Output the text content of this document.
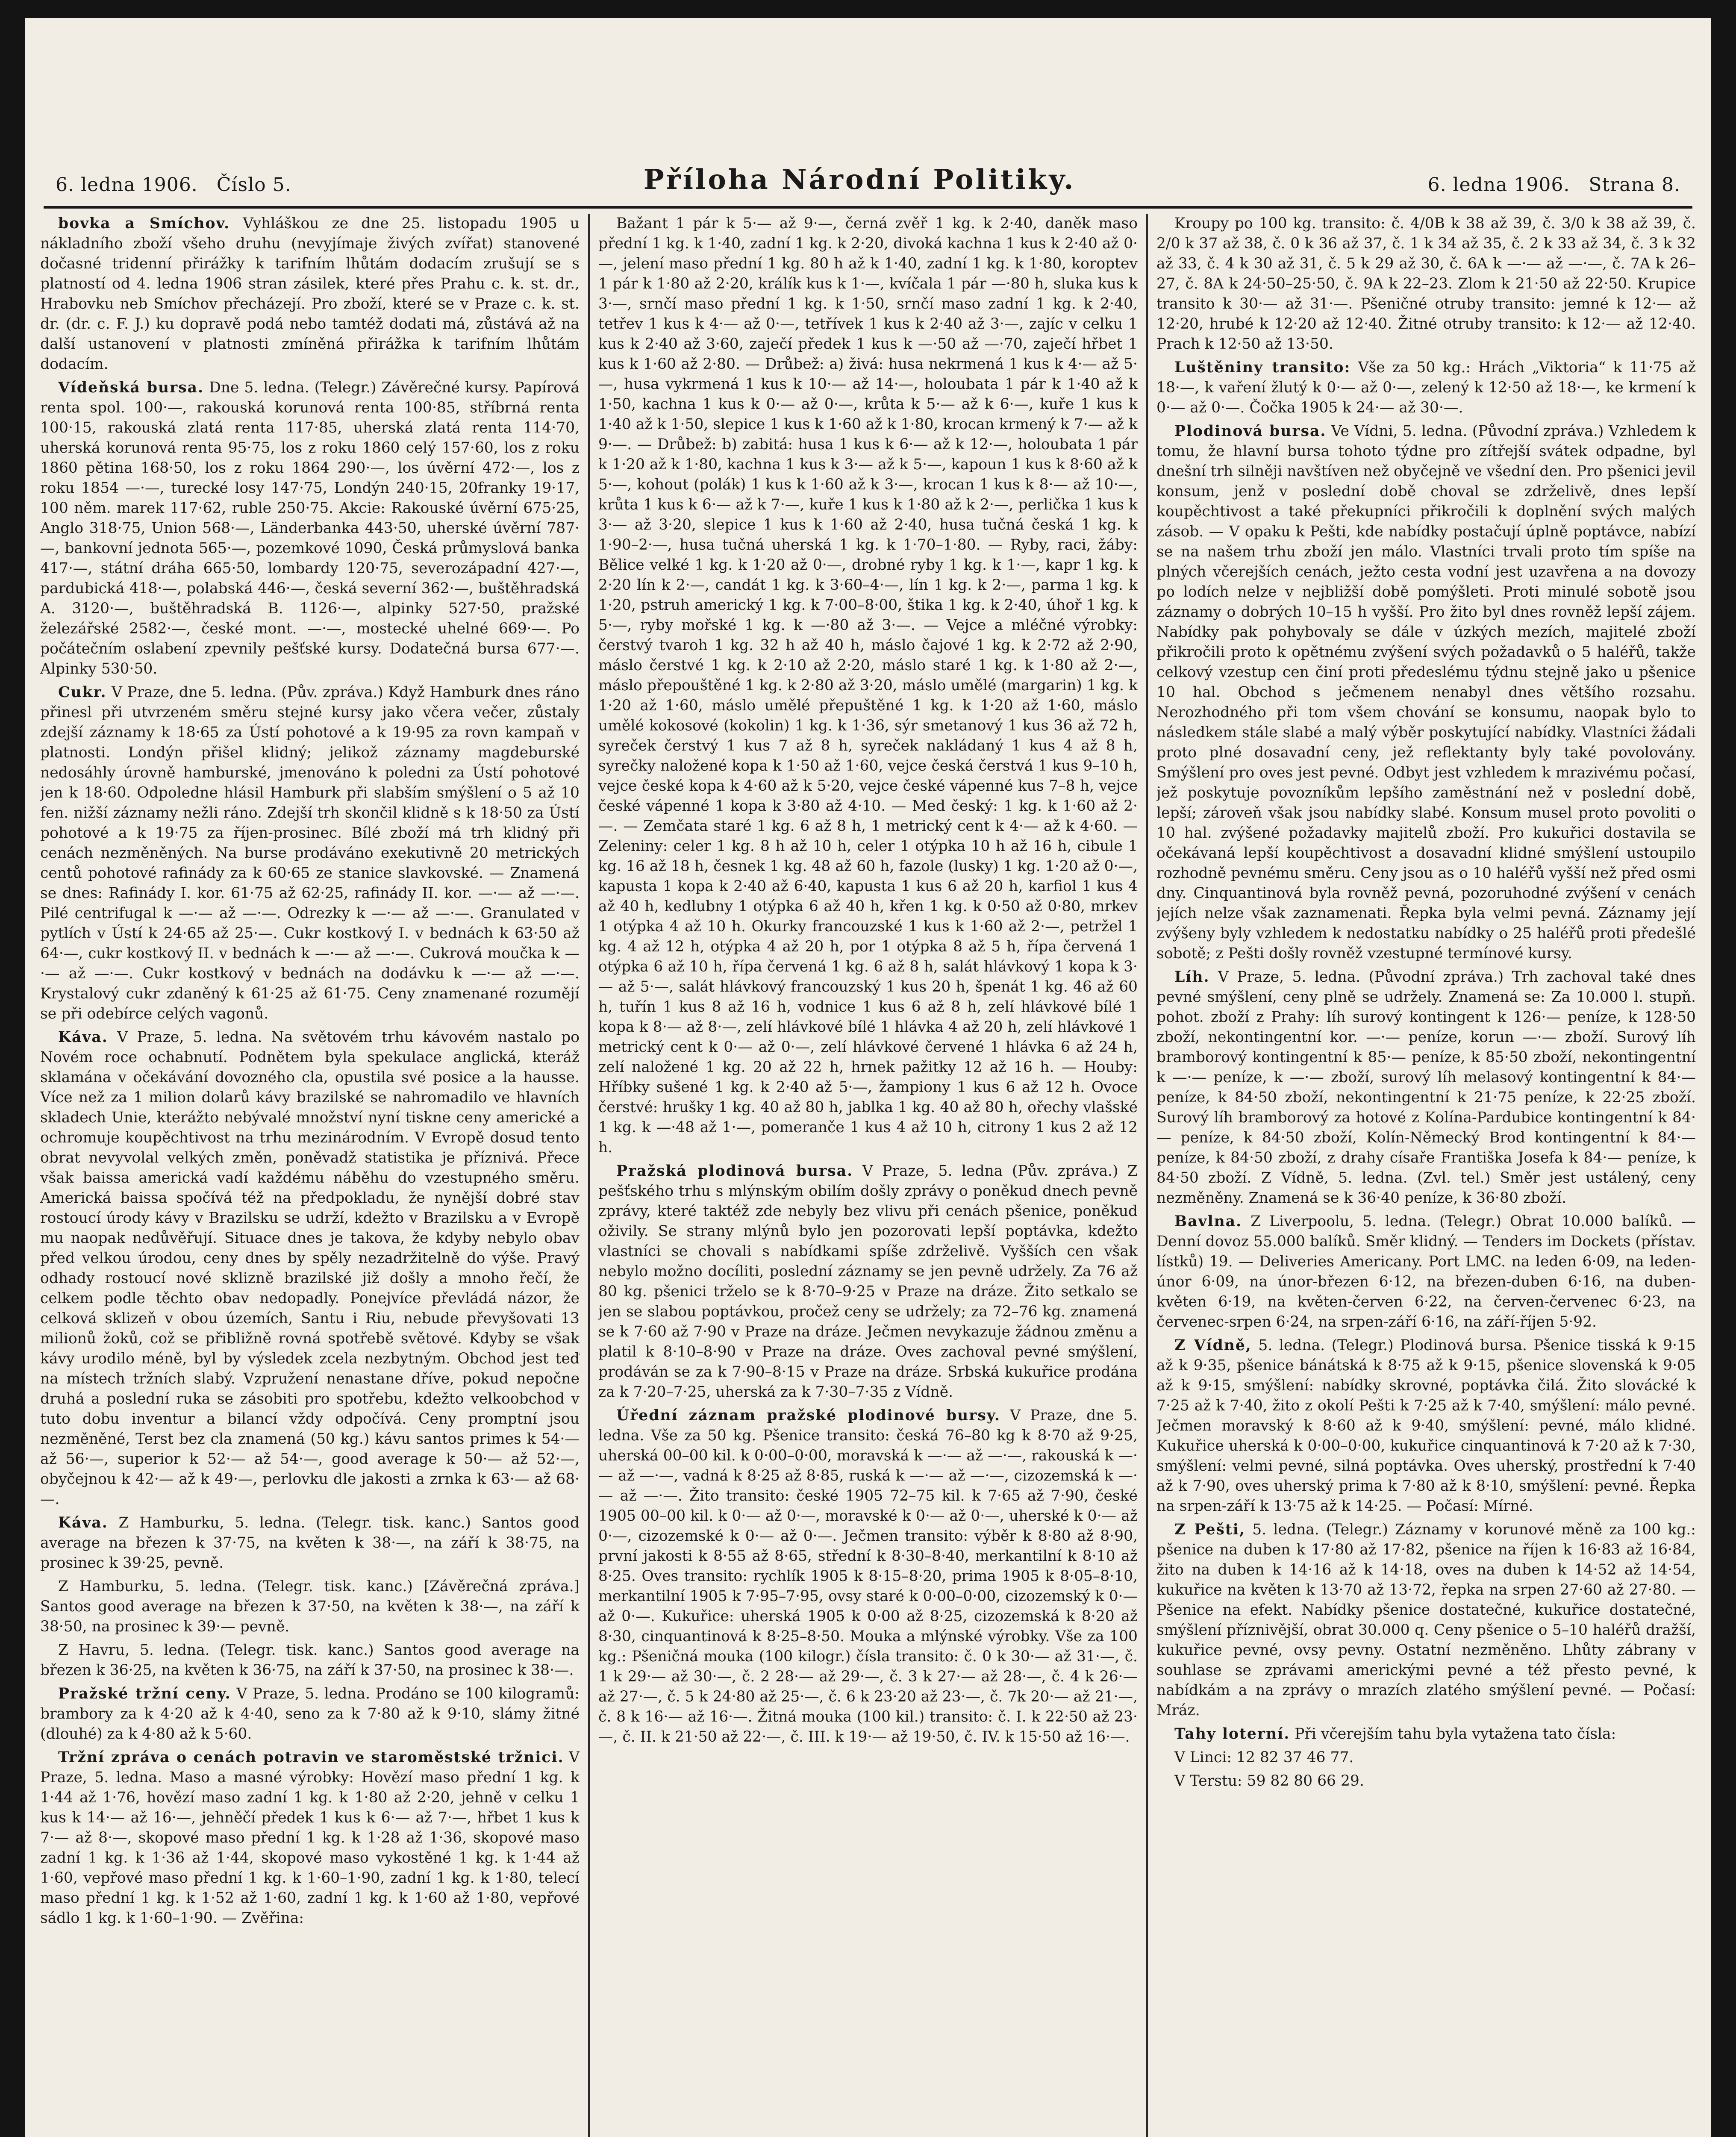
6. ledna 1906. Číslo 5.	Příloha Národní Politiky.	6. ledna 1906. Strana 8.

bovka a Smíchov. Vyhláškou ze dne 25. listopadu 1905 u nákladního zboží všeho druhu (nevyjímaje živých zvířat) stanovené dočasné tridenní přirážky k tarifním lhůtám dodacím zrušují se s platností od 4. ledna 1906 stran zásilek, které přes Prahu c. k. st. dr., Hrabovku neb Smíchov přecházejí. Pro zboží, které se v Praze c. k. st. dr. (dr. c. F. J.) ku dopravě podá nebo tamtéž dodati má, zůstává až na další ustanovení v platnosti zmíněná přirážka k tarifním lhůtám dodacím.

Vídeňská bursa. Dne 5. ledna. (Telegr.) Závěrečné kursy. Papírová renta spol. 100·—, rakouská korunová renta 100·85, stříbrná renta 100·15, rakouská zlatá renta 117·85, uherská zlatá renta 114·70, uherská korunová renta 95·75, los z roku 1860 celý 157·60, los z roku 1860 pětina 168·50, los z roku 1864 290·—, los úvěrní 472·—, los z roku 1854 —·—, turecké losy 147·75, Londýn 240·15, 20franky 19·17, 100 něm. marek 117·62, ruble 250·75. Akcie: Rakouské úvěrní 675·25, Anglo 318·75, Union 568·—, Länderbanka 443·50, uherské úvěrní 787·—, bankovní jednota 565·—, pozemkové 1090, Česká průmyslová banka 417·—, státní dráha 665·50, lombardy 120·75, severozápadní 427·—, pardubická 418·—, polabská 446·—, česká severní 362·—, buštěhradská A. 3120·—, buštěhradská B. 1126·—, alpinky 527·50, pražské železářské 2582·—, české mont. —·—, mostecké uhelné 669·—. Po počátečním oslabení zpevnily pešťské kursy. Dodatečná bursa 677·—. Alpinky 530·50.

Cukr. V Praze, dne 5. ledna. (Pův. zpráva.) Když Hamburk dnes ráno přinesl při utvrzeném směru stejné kursy jako včera večer, zůstaly zdejší záznamy k 18·65 za Ústí pohotové a k 19·95 za rovn kampaň v platnosti. Londýn přišel klidný; jelikož záznamy magdeburské nedosáhly úrovně hamburské, jmenováno k poledni za Ústí pohotové jen k 18·60. Odpoledne hlásil Hamburk při slabším smýšlení o 5 až 10 fen. nižší záznamy nežli ráno. Zdejší trh skončil klidně s k 18·50 za Ústí pohotové a k 19·75 za říjen-prosinec. Bílé zboží má trh klidný při cenách nezměněných. Na burse prodáváno exekutivně 20 metrických centů pohotové rafinády za k 60·65 ze stanice slavkovské. — Znamená se dnes: Rafinády I. kor. 61·75 až 62·25, rafinády II. kor. —·— až —·—. Pilé centrifugal k —·— až —·—. Odrezky k —·— až —·—. Granulated v pytlích v Ústí k 24·65 až 25·—. Cukr kostkový I. v bednách k 63·50 až 64·—, cukr kostkový II. v bednách k —·— až —·—. Cukrová moučka k —·— až —·—. Cukr kostkový v bednách na dodávku k —·— až —·—. Krystalový cukr zdaněný k 61·25 až 61·75. Ceny znamenané rozumějí se při odebírce celých vagonů.

Káva. V Praze, 5. ledna. Na světovém trhu kávovém nastalo po Novém roce ochabnutí. Podnětem byla spekulace anglická, kteráž sklamána v očekávání dovozného cla, opustila své posice a la hausse. Více než za 1 milion dolarů kávy brazilské se nahromadilo ve hlavních skladech Unie, kterážto nebývalé množství nyní tiskne ceny americké a ochromuje koupěchtivost na trhu mezinárodním. V Evropě dosud tento obrat nevyvolal velkých změn, poněvadž statistika je příznivá. Přece však baissa americká vadí každému náběhu do vzestupného směru. Americká baissa spočívá též na předpokladu, že nynější dobré stav rostoucí úrody kávy v Brazilsku se udrží, kdežto v Brazilsku a v Evropě mu naopak nedůvěřují. Situace dnes je takova, že kdyby nebylo obav před velkou úrodou, ceny dnes by spěly nezadržitelně do výše. Pravý odhady rostoucí nové sklizně brazilské již došly a mnoho řečí, že celkem podle těchto obav nedopadly. Ponejvíce převládá názor, že celková sklizeň v obou územích, Santu i Riu, nebude převyšovati 13 milionů žoků, což se přibližně rovná spotřebě světové. Kdyby se však kávy urodilo méně, byl by výsledek zcela nezbytným. Obchod jest teď na místech tržních slabý. Vzpružení nenastane dříve, pokud nepočne druhá a poslední ruka se zásobiti pro spotřebu, kdežto velkoobchod v tuto dobu inventur a bilancí vždy odpočívá. Ceny promptní jsou nezměněné, Terst bez cla znamená (50 kg.) kávu santos primes k 54·— až 56·—, superior k 52·— až 54·—, good average k 50·— až 52·—, obyčejnou k 42·— až k 49·—, perlovku dle jakosti a zrnka k 63·— až 68·—.

Káva. Z Hamburku, 5. ledna. (Telegr. tisk. kanc.) Santos good average na březen k 37·75, na květen k 38·—, na září k 38·75, na prosinec k 39·25, pevně.

Z Hamburku, 5. ledna. (Telegr. tisk. kanc.) [Závěrečná zpráva.] Santos good average na březen k 37·50, na květen k 38·—, na září k 38·50, na prosinec k 39·— pevně.

Z Havru, 5. ledna. (Telegr. tisk. kanc.) Santos good average na březen k 36·25, na květen k 36·75, na září k 37·50, na prosinec k 38·—.

Pražské tržní ceny. V Praze, 5. ledna. Prodáno se 100 kilogramů: brambory za k 4·20 až k 4·40, seno za k 7·80 až k 9·10, slámy žitné (dlouhé) za k 4·80 až k 5·60.

Tržní zpráva o cenách potravin ve staroměstské tržnici. V Praze, 5. ledna. Maso a masné výrobky: Hovězí maso přední 1 kg. k 1·44 až 1·76, hovězí maso zadní 1 kg. k 1·80 až 2·20, jehně v celku 1 kus k 14·— až 16·—, jehněčí předek 1 kus k 6·— až 7·—, hřbet 1 kus k 7·— až 8·—, skopové maso přední 1 kg. k 1·28 až 1·36, skopové maso zadní 1 kg. k 1·36 až 1·44, skopové maso vykostěné 1 kg. k 1·44 až 1·60, vepřové maso přední 1 kg. k 1·60–1·90, zadní 1 kg. k 1·80, telecí maso přední 1 kg. k 1·52 až 1·60, zadní 1 kg. k 1·60 až 1·80, vepřové sádlo 1 kg. k 1·60–1·90. — Zvěřina:

Bažant 1 pár k 5·— až 9·—, černá zvěř 1 kg. k 2·40, daněk maso přední 1 kg. k 1·40, zadní 1 kg. k 2·20, divoká kachna 1 kus k 2·40 až 0·—, jelení maso přední 1 kg. 80 h až k 1·40, zadní 1 kg. k 1·80, koroptev 1 pár k 1·80 až 2·20, králík kus k 1·—, kvíčala 1 pár —·80 h, sluka kus k 3·—, srnčí maso přední 1 kg. k 1·50, srnčí maso zadní 1 kg. k 2·40, tetřev 1 kus k 4·— až 0·—, tetřívek 1 kus k 2·40 až 3·—, zajíc v celku 1 kus k 2·40 až 3·60, zaječí předek 1 kus k —·50 až —·70, zaječí hřbet 1 kus k 1·60 až 2·80. — Drůbež: a) živá: husa nekrmená 1 kus k 4·— až 5·—, husa vykrmená 1 kus k 10·— až 14·—, holoubata 1 pár k 1·40 až k 1·50, kachna 1 kus k 0·— až 0·—, krůta k 5·— až k 6·—, kuře 1 kus k 1·40 až k 1·50, slepice 1 kus k 1·60 až k 1·80, krocan krmený k 7·— až k 9·—. — Drůbež: b) zabitá: husa 1 kus k 6·— až k 12·—, holoubata 1 pár k 1·20 až k 1·80, kachna 1 kus k 3·— až k 5·—, kapoun 1 kus k 8·60 až k 5·—, kohout (polák) 1 kus k 1·60 až k 3·—, krocan 1 kus k 8·— až 10·—, krůta 1 kus k 6·— až k 7·—, kuře 1 kus k 1·80 až k 2·—, perlička 1 kus k 3·— až 3·20, slepice 1 kus k 1·60 až 2·40, husa tučná česká 1 kg. k 1·90–2·—, husa tučná uherská 1 kg. k 1·70–1·80. — Ryby, raci, žáby: Bělice velké 1 kg. k 1·20 až 0·—, drobné ryby 1 kg. k 1·—, kapr 1 kg. k 2·20 lín k 2·—, candát 1 kg. k 3·60–4·—, lín 1 kg. k 2·—, parma 1 kg. k 1·20, pstruh americký 1 kg. k 7·00–8·00, štika 1 kg. k 2·40, úhoř 1 kg. k 5·—, ryby mořské 1 kg. k —·80 až 3·—. — Vejce a mléčné výrobky: čerstvý tvaroh 1 kg. 32 h až 40 h, máslo čajové 1 kg. k 2·72 až 2·90, máslo čerstvé 1 kg. k 2·10 až 2·20, máslo staré 1 kg. k 1·80 až 2·—, máslo přepouštěné 1 kg. k 2·80 až 3·20, máslo umělé (margarin) 1 kg. k 1·20 až 1·60, máslo umělé přepuštěné 1 kg. k 1·20 až 1·60, máslo umělé kokosové (kokolin) 1 kg. k 1·36, sýr smetanový 1 kus 36 až 72 h, syreček čerstvý 1 kus 7 až 8 h, syreček nakládaný 1 kus 4 až 8 h, syrečky naložené kopa k 1·50 až 1·60, vejce česká čerstvá 1 kus 9–10 h, vejce české kopa k 4·60 až k 5·20, vejce české vápenné kus 7–8 h, vejce české vápenné 1 kopa k 3·80 až 4·10. — Med český: 1 kg. k 1·60 až 2·—. — Zemčata staré 1 kg. 6 až 8 h, 1 metrický cent k 4·— až k 4·60. — Zeleniny: celer 1 kg. 8 h až 10 h, celer 1 otýpka 10 h až 16 h, cibule 1 kg. 16 až 18 h, česnek 1 kg. 48 až 60 h, fazole (lusky) 1 kg. 1·20 až 0·—, kapusta 1 kopa k 2·40 až 6·40, kapusta 1 kus 6 až 20 h, karfiol 1 kus 4 až 40 h, kedlubny 1 otýpka 6 až 40 h, křen 1 kg. k 0·50 až 0·80, mrkev 1 otýpka 4 až 10 h. Okurky francouzské 1 kus k 1·60 až 2·—, petržel 1 kg. 4 až 12 h, otýpka 4 až 20 h, por 1 otýpka 8 až 5 h, řípa červená 1 otýpka 6 až 10 h, řípa červená 1 kg. 6 až 8 h, salát hlávkový 1 kopa k 3·— až 5·—, salát hlávkový francouzský 1 kus 20 h, špenát 1 kg. 46 až 60 h, tuřín 1 kus 8 až 16 h, vodnice 1 kus 6 až 8 h, zelí hlávkové bílé 1 kopa k 8·— až 8·—, zelí hlávkové bílé 1 hlávka 4 až 20 h, zelí hlávkové 1 metrický cent k 0·— až 0·—, zelí hlávkové červené 1 hlávka 6 až 24 h, zelí naložené 1 kg. 20 až 22 h, hrnek pažitky 12 až 16 h. — Houby: Hříbky sušené 1 kg. k 2·40 až 5·—, žampiony 1 kus 6 až 12 h. Ovoce čerstvé: hrušky 1 kg. 40 až 80 h, jablka 1 kg. 40 až 80 h, ořechy vlašské 1 kg. k —·48 až 1·—, pomeranče 1 kus 4 až 10 h, citrony 1 kus 2 až 12 h.

Pražská plodinová bursa. V Praze, 5. ledna (Pův. zpráva.) Z pešťského trhu s mlýnským obilím došly zprávy o poněkud dnech pevně zprávy, které taktéž zde nebyly bez vlivu při cenách pšenice, poněkud oživily. Se strany mlýnů bylo jen pozorovati lepší poptávka, kdežto vlastníci se chovali s nabídkami spíše zdrželivě. Vyšších cen však nebylo možno docíliti, poslední záznamy se jen pevně udržely. Za 76 až 80 kg. pšenici trželo se k 8·70–9·25 v Praze na dráze. Žito setkalo se jen se slabou poptávkou, pročež ceny se udržely; za 72–76 kg. znamená se k 7·60 až 7·90 v Praze na dráze. Ječmen nevykazuje žádnou změnu a platil k 8·10–8·90 v Praze na dráze. Oves zachoval pevné smýšlení, prodáván se za k 7·90–8·15 v Praze na dráze. Srbská kukuřice prodána za k 7·20–7·25, uherská za k 7·30–7·35 z Vídně.

Úřední záznam pražské plodinové bursy. V Praze, dne 5. ledna. Vše za 50 kg. Pšenice transito: česká 76–80 kg k 8·70 až 9·25, uherská 00–00 kil. k 0·00–0·00, moravská k —·— až —·—, rakouská k —·— až —·—, vadná k 8·25 až 8·85, ruská k —·— až —·—, cizozemská k —·— až —·—. Žito transito: české 1905 72–75 kil. k 7·65 až 7·90, české 1905 00–00 kil. k 0·— až 0·—, moravské k 0·— až 0·—, uherské k 0·— až 0·—, cizozemské k 0·— až 0·—. Ječmen transito: výběr k 8·80 až 8·90, první jakosti k 8·55 až 8·65, střední k 8·30–8·40, merkantilní k 8·10 až 8·25. Oves transito: rychlík 1905 k 8·15–8·20, prima 1905 k 8·05–8·10, merkantilní 1905 k 7·95–7·95, ovsy staré k 0·00–0·00, cizozemský k 0·— až 0·—. Kukuřice: uherská 1905 k 0·00 až 8·25, cizozemská k 8·20 až 8·30, cinquantinová k 8·25–8·50. Mouka a mlýnské výrobky. Vše za 100 kg.: Pšeničná mouka (100 kilogr.) čísla transito: č. 0 k 30·— až 31·—, č. 1 k 29·— až 30·—, č. 2 28·— až 29·—, č. 3 k 27·— až 28·—, č. 4 k 26·— až 27·—, č. 5 k 24·80 až 25·—, č. 6 k 23·20 až 23·—, č. 7k 20·— až 21·—, č. 8 k 16·— až 16·—. Žitná mouka (100 kil.) transito: č. I. k 22·50 až 23·—, č. II. k 21·50 až 22·—, č. III. k 19·— až 19·50, č. IV. k 15·50 až 16·—.

Kroupy po 100 kg. transito: č. 4/0B k 38 až 39, č. 3/0 k 38 až 39, č. 2/0 k 37 až 38, č. 0 k 36 až 37, č. 1 k 34 až 35, č. 2 k 33 až 34, č. 3 k 32 až 33, č. 4 k 30 až 31, č. 5 k 29 až 30, č. 6A k —·— až —·—, č. 7A k 26–27, č. 8A k 24·50–25·50, č. 9A k 22–23. Zlom k 21·50 až 22·50. Krupice transito k 30·— až 31·—. Pšeničné otruby transito: jemné k 12·— až 12·20, hrubé k 12·20 až 12·40. Žitné otruby transito: k 12·— až 12·40. Prach k 12·50 až 13·50.

Luštěniny transito: Vše za 50 kg.: Hrách „Viktoria“ k 11·75 až 18·—, k vaření žlutý k 0·— až 0·—, zelený k 12·50 až 18·—, ke krmení k 0·— až 0·—. Čočka 1905 k 24·— až 30·—.

Plodinová bursa. Ve Vídni, 5. ledna. (Původní zpráva.) Vzhledem k tomu, že hlavní bursa tohoto týdne pro zítřejší svátek odpadne, byl dnešní trh silněji navštíven než obyčejně ve všední den. Pro pšenici jevil konsum, jenž v poslední době choval se zdrželivě, dnes lepší koupěchtivost a také překupníci přikročili k doplnění svých malých zásob. — V opaku k Pešti, kde nabídky postačují úplně poptávce, nabízí se na našem trhu zboží jen málo. Vlastníci trvali proto tím spíše na plných včerejších cenách, ježto cesta vodní jest uzavřena a na dovozy po lodích nelze v nejbližší době pomýšleti. Proti minulé sobotě jsou záznamy o dobrých 10–15 h vyšší. Pro žito byl dnes rovněž lepší zájem. Nabídky pak pohybovaly se dále v úzkých mezích, majitelé zboží přikročili proto k opětnému zvýšení svých požadavků o 5 haléřů, takže celkový vzestup cen činí proti předeslému týdnu stejně jako u pšenice 10 hal. Obchod s ječmenem nenabyl dnes většího rozsahu. Nerozhodného při tom všem chování se konsumu, naopak bylo to následkem stále slabé a malý výběr poskytující nabídky. Vlastníci žádali proto plné dosavadní ceny, jež reflektanty byly také povolovány. Smýšlení pro oves jest pevné. Odbyt jest vzhledem k mrazivému počasí, jež poskytuje povozníkům lepšího zaměstnání než v poslední době, lepší; zároveň však jsou nabídky slabé. Konsum musel proto povoliti o 10 hal. zvýšené požadavky majitelů zboží. Pro kukuřici dostavila se očekávaná lepší koupěchtivost a dosavadní klidné smýšlení ustoupilo rozhodně pevnému směru. Ceny jsou as o 10 haléřů vyšší než před osmi dny. Cinquantinová byla rovněž pevná, pozoruhodné zvýšení v cenách jejích nelze však zaznamenati. Řepka byla velmi pevná. Záznamy její zvýšeny byly vzhledem k nedostatku nabídky o 25 haléřů proti předešlé sobotě; z Pešti došly rovněž vzestupné termínové kursy.

Líh. V Praze, 5. ledna. (Původní zpráva.) Trh zachoval také dnes pevné smýšlení, ceny plně se udržely. Znamená se: Za 10.000 l. stupň. pohot. zboží z Prahy: líh surový kontingent k 126·— peníze, k 128·50 zboží, nekontingentní kor. —·— peníze, korun —·— zboží. Surový líh bramborový kontingentní k 85·— peníze, k 85·50 zboží, nekontingentní k —·— peníze, k —·— zboží, surový líh melasový kontingentní k 84·— peníze, k 84·50 zboží, nekontingentní k 21·75 peníze, k 22·25 zboží. Surový líh bramborový za hotové z Kolína-Pardubice kontingentní k 84·— peníze, k 84·50 zboží, Kolín-Německý Brod kontingentní k 84·— peníze, k 84·50 zboží, z drahy císaře Františka Josefa k 84·— peníze, k 84·50 zboží. Z Vídně, 5. ledna. (Zvl. tel.) Směr jest ustálený, ceny nezměněny. Znamená se k 36·40 peníze, k 36·80 zboží.

Bavlna. Z Liverpoolu, 5. ledna. (Telegr.) Obrat 10.000 balíků. — Denní dovoz 55.000 balíků. Směr klidný. — Tenders im Dockets (přístav. lístků) 19. — Deliveries Americany. Port LMC. na leden 6·09, na leden-únor 6·09, na únor-březen 6·12, na březen-duben 6·16, na duben-květen 6·19, na květen-červen 6·22, na červen-červenec 6·23, na červenec-srpen 6·24, na srpen-září 6·16, na září-říjen 5·92.

Z Vídně, 5. ledna. (Telegr.) Plodinová bursa. Pšenice tisská k 9·15 až k 9·35, pšenice bánátská k 8·75 až k 9·15, pšenice slovenská k 9·05 až k 9·15, smýšlení: nabídky skrovné, poptávka čilá. Žito slovácké k 7·25 až k 7·40, žito z okolí Pešti k 7·25 až k 7·40, smýšlení: málo pevné. Ječmen moravský k 8·60 až k 9·40, smýšlení: pevné, málo klidné. Kukuřice uherská k 0·00–0·00, kukuřice cinquantinová k 7·20 až k 7·30, smýšlení: velmi pevné, silná poptávka. Oves uherský, prostřední k 7·40 až k 7·90, oves uherský prima k 7·80 až k 8·10, smýšlení: pevné. Řepka na srpen-září k 13·75 až k 14·25. — Počasí: Mírné.

Z Pešti, 5. ledna. (Telegr.) Záznamy v korunové měně za 100 kg.: pšenice na duben k 17·80 až 17·82, pšenice na říjen k 16·83 až 16·84, žito na duben k 14·16 až k 14·18, oves na duben k 14·52 až 14·54, kukuřice na květen k 13·70 až 13·72, řepka na srpen 27·60 až 27·80. — Pšenice na efekt. Nabídky pšenice dostatečné, kukuřice dostatečné, smýšlení příznivější, obrat 30.000 q. Ceny pšenice o 5–10 haléřů dražší, kukuřice pevné, ovsy pevny. Ostatní nezměněno. Lhůty zábrany v souhlase se zprávami americkými pevné a též přesto pevné, k nabídkám a na zprávy o mrazích zlatého smýšlení pevné. — Počasí: Mráz.

Tahy loterní. Při včerejším tahu byla vytažena tato čísla:

V Linci: 12 82 37 46 77.

V Terstu: 59 82 80 66 29.
